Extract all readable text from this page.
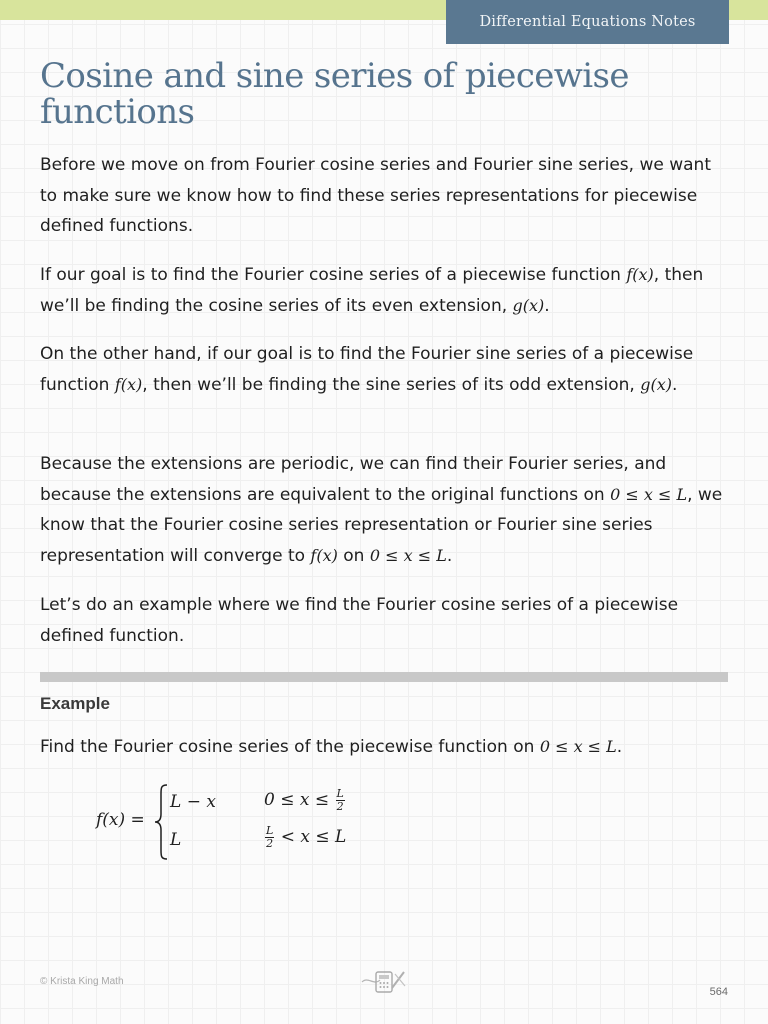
Differential Equations Notes
Cosine and sine series of piecewise functions

Before we move on from Fourier cosine series and Fourier sine series, we want to make sure we know how to find these series representations for piecewise defined functions.

If our goal is to find the Fourier cosine series of a piecewise function f(x), then we’ll be finding the cosine series of its even extension, g(x).

On the other hand, if our goal is to find the Fourier sine series of a piecewise function f(x), then we’ll be finding the sine series of its odd extension, g(x).

Because the extensions are periodic, we can find their Fourier series, and because the extensions are equivalent to the original functions on 0 ≤ x ≤ L, we know that the Fourier cosine series representation or Fourier sine series representation will converge to f(x) on 0 ≤ x ≤ L.

Let’s do an example where we find the Fourier cosine series of a piecewise defined function.

Example

Find the Fourier cosine series of the piecewise function on 0 ≤ x ≤ L.

f(x) =
L − x	$0 \le x \le \frac{L}{2}$
L	$\frac{L}{2} < x \le L$
© Krista King Math
564
